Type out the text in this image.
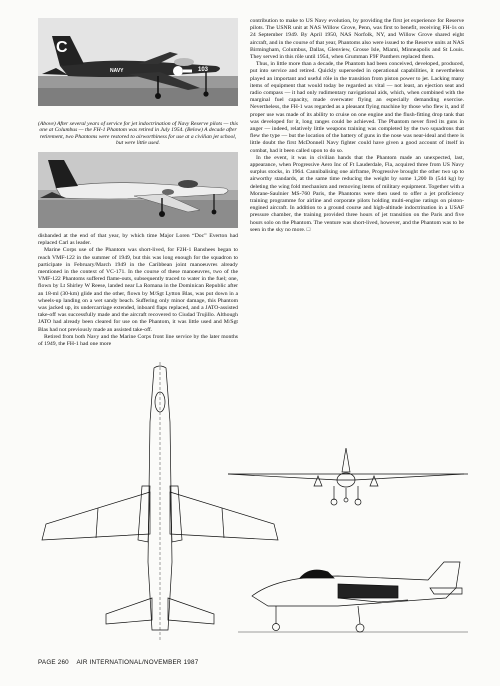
C
NAVY	103
(Above) After several years of service for jet indoctrination of Navy Reserve pilots — this one at Columbus — the FH-1 Phantom was retired in July 1954. (Below) A decade after retirement, two Phantoms were restored to airworthiness for use at a civilian jet school, but were little used.

disbanded at the end of that year, by which time Major Loren “Doc” Everton had replaced Carl as leader.

Marine Corps use of the Phantom was short-lived, for F2H-1 Banshees began to reach VMF-122 in the summer of 1949, but this was long enough for the squadron to participate in February/March 1949 in the Caribbean joint manoeuvres already mentioned in the context of VC-171. In the course of these manoeuvres, two of the VMF-122 Phantoms suffered flame-outs, subsequently traced to water in the fuel; one, flown by Lt Shirley W Reese, landed near La Romana in the Dominican Republic after an 18-ml (30-km) glide and the other, flown by M/Sgt Lytton Blas, was put down in a wheels-up landing on a wet sandy beach. Suffering only minor damage, this Phantom was jacked up, its undercarriage extended, inboard flaps replaced, and a JATO-assisted take-off was successfully made and the aircraft recovered to Ciudad Trujillo. Although JATO had already been cleared for use on the Phantom, it was little used and M/Sgt Blas had not previously made an assisted take-off.

Retired from both Navy and the Marine Corps front line service by the later months of 1949, the FH-1 had one more

contribution to make to US Navy evolution, by providing the first jet experience for Reserve pilots. The USNR unit at NAS Willow Grove, Penn, was first to benefit, receiving FH-1s on 24 September 1949. By April 1950, NAS Norfolk, NY, and Willow Grove shared eight aircraft, and in the course of that year, Phantoms also were issued to the Reserve units at NAS Birmingham, Columbus, Dallas, Glenview, Grosse Isle, Miami, Minneapolis and St Louis. They served in this rôle until 1954, when Grumman F9F Panthers replaced them.

Thus, in little more than a decade, the Phantom had been conceived, developed, produced, put into service and retired. Quickly superseded in operational capabilities, it nevertheless played an important and useful rôle in the transition from piston power to jet. Lacking many items of equipment that would today be regarded as vital — not least, an ejection seat and radio compass — it had only rudimentary navigational aids, which, when combined with the marginal fuel capacity, made overwater flying an especially demanding exercise. Nevertheless, the FH-1 was regarded as a pleasant flying machine by those who flew it, and if proper use was made of its ability to cruise on one engine and the flush-fitting drop tank that was developed for it, long ranges could be achieved. The Phantom never fired its guns in anger — indeed, relatively little weapons training was completed by the two squadrons that flew the type — but the location of the battery of guns in the nose was near-ideal and there is little doubt the first McDonnell Navy fighter could have given a good account of itself in combat, had it been called upon to do so.

In the event, it was in civilian hands that the Phantom made an unexpected, last, appearance, when Progressive Aero Inc of Ft Lauderdale, Fla, acquired three from US Navy surplus stocks, in 1964. Cannibalising one airframe, Progressive brought the other two up to airworthy standards, at the same time reducing the weight by some 1,200 lb (544 kg) by deleting the wing fold mechanism and removing items of military equipment. Together with a Morane-Saulnier MS-760 Paris, the Phantoms were then used to offer a jet proficiency training programme for airline and corporate pilots holding multi-engine ratings on piston-engined aircraft. In addition to a ground course and high-altitude indoctrination in a USAF pressure chamber, the training provided three hours of jet transition on the Paris and five hours solo on the Phantom. The venture was short-lived, however, and the Phantom was to be seen in the sky no more. □

PAGE 260 AIR INTERNATIONAL/NOVEMBER 1987
